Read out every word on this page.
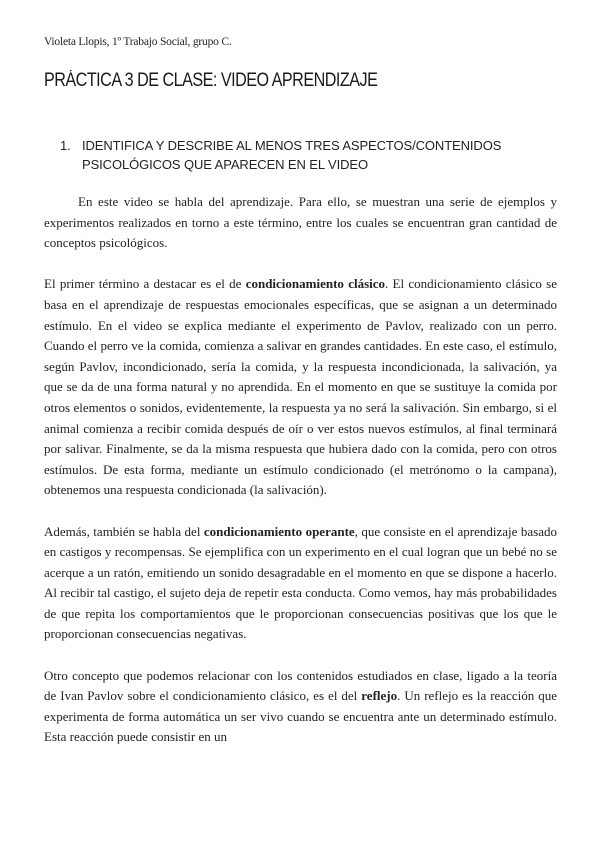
Violeta Llopis, 1º Trabajo Social, grupo C.
PRÁCTICA 3 DE CLASE: VIDEO APRENDIZAJE
1. IDENTIFICA Y DESCRIBE AL MENOS TRES ASPECTOS/CONTENIDOS PSICOLÓGICOS QUE APARECEN EN EL VIDEO

En este video se habla del aprendizaje. Para ello, se muestran una serie de ejemplos y experimentos realizados en torno a este término, entre los cuales se encuentran gran cantidad de conceptos psicológicos.

El primer término a destacar es el de condicionamiento clásico. El condicionamiento clásico se basa en el aprendizaje de respuestas emocionales específicas, que se asignan a un determinado estímulo. En el video se explica mediante el experimento de Pavlov, realizado con un perro. Cuando el perro ve la comida, comienza a salivar en grandes cantidades. En este caso, el estímulo, según Pavlov, incondicionado, sería la comida, y la respuesta incondicionada, la salivación, ya que se da de una forma natural y no aprendida. En el momento en que se sustituye la comida por otros elementos o sonidos, evidentemente, la respuesta ya no será la salivación. Sin embargo, si el animal comienza a recibir comida después de oír o ver estos nuevos estímulos, al final terminará por salivar. Finalmente, se da la misma respuesta que hubiera dado con la comida, pero con otros estímulos. De esta forma, mediante un estímulo condicionado (el metrónomo o la campana), obtenemos una respuesta condicionada (la salivación).

Además, también se habla del condicionamiento operante, que consiste en el aprendizaje basado en castigos y recompensas. Se ejemplifica con un experimento en el cual logran que un bebé no se acerque a un ratón, emitiendo un sonido desagradable en el momento en que se dispone a hacerlo. Al recibir tal castigo, el sujeto deja de repetir esta conducta. Como vemos, hay más probabilidades de que repita los comportamientos que le proporcionan consecuencias positivas que los que le proporcionan consecuencias negativas.

Otro concepto que podemos relacionar con los contenidos estudiados en clase, ligado a la teoría de Ivan Pavlov sobre el condicionamiento clásico, es el del reflejo. Un reflejo es la reacción que experimenta de forma automática un ser vivo cuando se encuentra ante un determinado estímulo. Esta reacción puede consistir en un
